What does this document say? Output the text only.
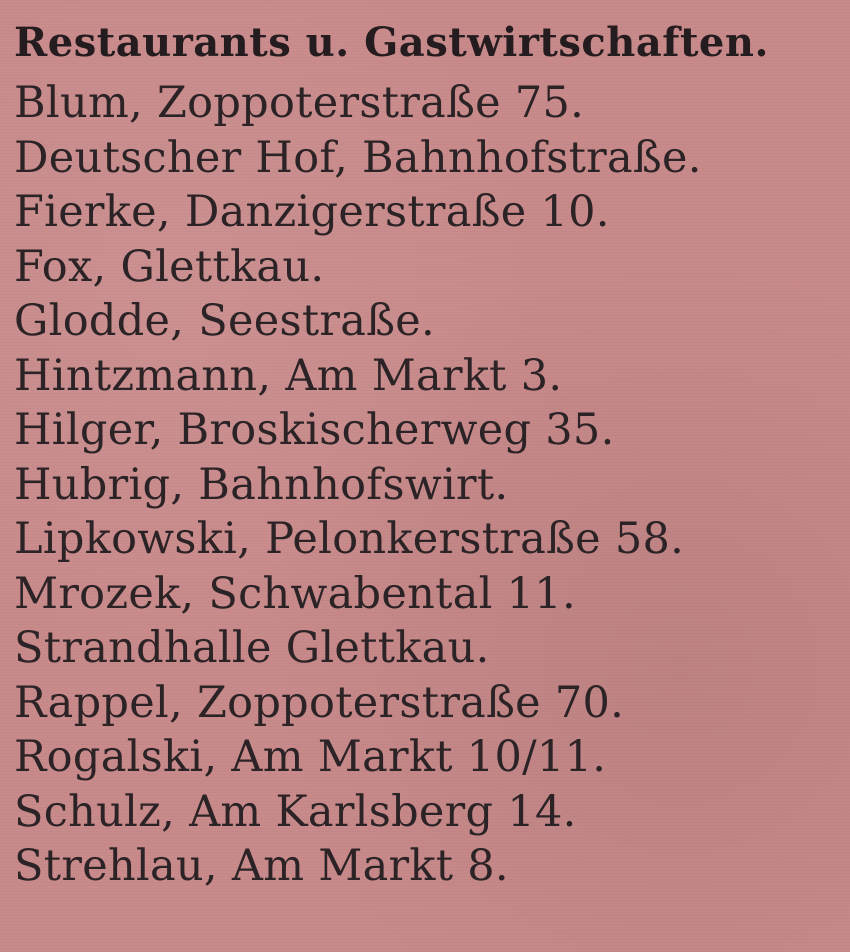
Restaurants u. Gastwirtschaften.
Blum, Zoppoterstraße 75.
Deutscher Hof, Bahnhofstraße.
Fierke, Danzigerstraße 10.
Fox, Glettkau.
Glodde, Seestraße.
Hintzmann, Am Markt 3.
Hilger, Broskischerweg 35.
Hubrig, Bahnhofswirt.
Lipkowski, Pelonkerstraße 58.
Mrozek, Schwabental 11.
Strandhalle Glettkau.
Rappel, Zoppoterstraße 70.
Rogalski, Am Markt 10/11.
Schulz, Am Karlsberg 14.
Strehlau, Am Markt 8.
